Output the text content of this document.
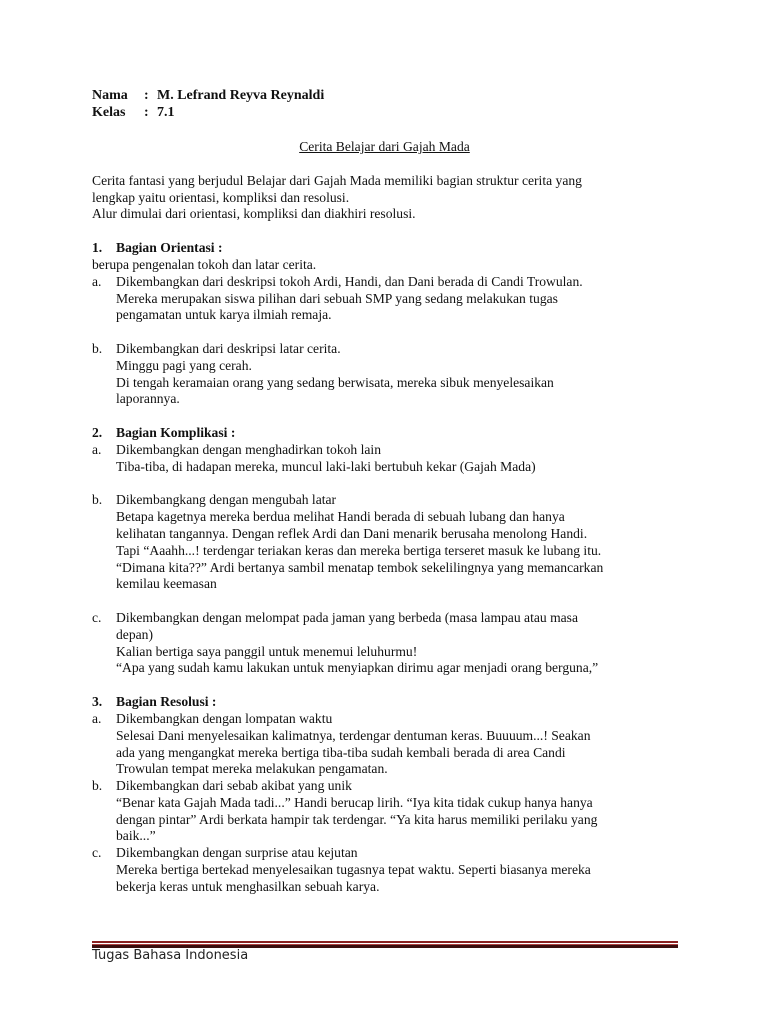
Nama	: M. Lefrand Reyva Reynaldi
Kelas	: 7.1
Cerita Belajar dari Gajah Mada

Cerita fantasi yang berjudul Belajar dari Gajah Mada memiliki bagian struktur cerita yang

lengkap yaitu orientasi, kompliksi dan resolusi.

Alur dimulai dari orientasi, kompliksi dan diakhiri resolusi.

1.	Bagian Orientasi :

berupa pengenalan tokoh dan latar cerita.

a.	Dikembangkan dari deskripsi tokoh Ardi, Handi, dan Dani berada di Candi Trowulan.
Mereka merupakan siswa pilihan dari sebuah SMP yang sedang melakukan tugas
pengamatan untuk karya ilmiah remaja.
b.	Dikembangkan dari deskripsi latar cerita.
Minggu pagi yang cerah.
Di tengah keramaian orang yang sedang berwisata, mereka sibuk menyelesaikan
laporannya.
2.	Bagian Komplikasi :
a.	Dikembangkan dengan menghadirkan tokoh lain
Tiba-tiba, di hadapan mereka, muncul laki-laki bertubuh kekar (Gajah Mada)
b.	Dikembangkang dengan mengubah latar
Betapa kagetnya mereka berdua melihat Handi berada di sebuah lubang dan hanya
kelihatan tangannya. Dengan reflek Ardi dan Dani menarik berusaha menolong Handi.
Tapi “Aaahh...! terdengar teriakan keras dan mereka bertiga terseret masuk ke lubang itu.
“Dimana kita??” Ardi bertanya sambil menatap tembok sekelilingnya yang memancarkan
kemilau keemasan
c.	Dikembangkan dengan melompat pada jaman yang berbeda (masa lampau atau masa
depan)
Kalian bertiga saya panggil untuk menemui leluhurmu!
“Apa yang sudah kamu lakukan untuk menyiapkan dirimu agar menjadi orang berguna,”
3.	Bagian Resolusi :
a.	Dikembangkan dengan lompatan waktu
Selesai Dani menyelesaikan kalimatnya, terdengar dentuman keras. Buuuum...! Seakan
ada yang mengangkat mereka bertiga tiba-tiba sudah kembali berada di area Candi
Trowulan tempat mereka melakukan pengamatan.
b.	Dikembangkan dari sebab akibat yang unik
“Benar kata Gajah Mada tadi...” Handi berucap lirih. “Iya kita tidak cukup hanya hanya
dengan pintar” Ardi berkata hampir tak terdengar. “Ya kita harus memiliki perilaku yang
baik...”
c.	Dikembangkan dengan surprise atau kejutan
Mereka bertiga bertekad menyelesaikan tugasnya tepat waktu. Seperti biasanya mereka
bekerja keras untuk menghasilkan sebuah karya.
Tugas Bahasa Indonesia
